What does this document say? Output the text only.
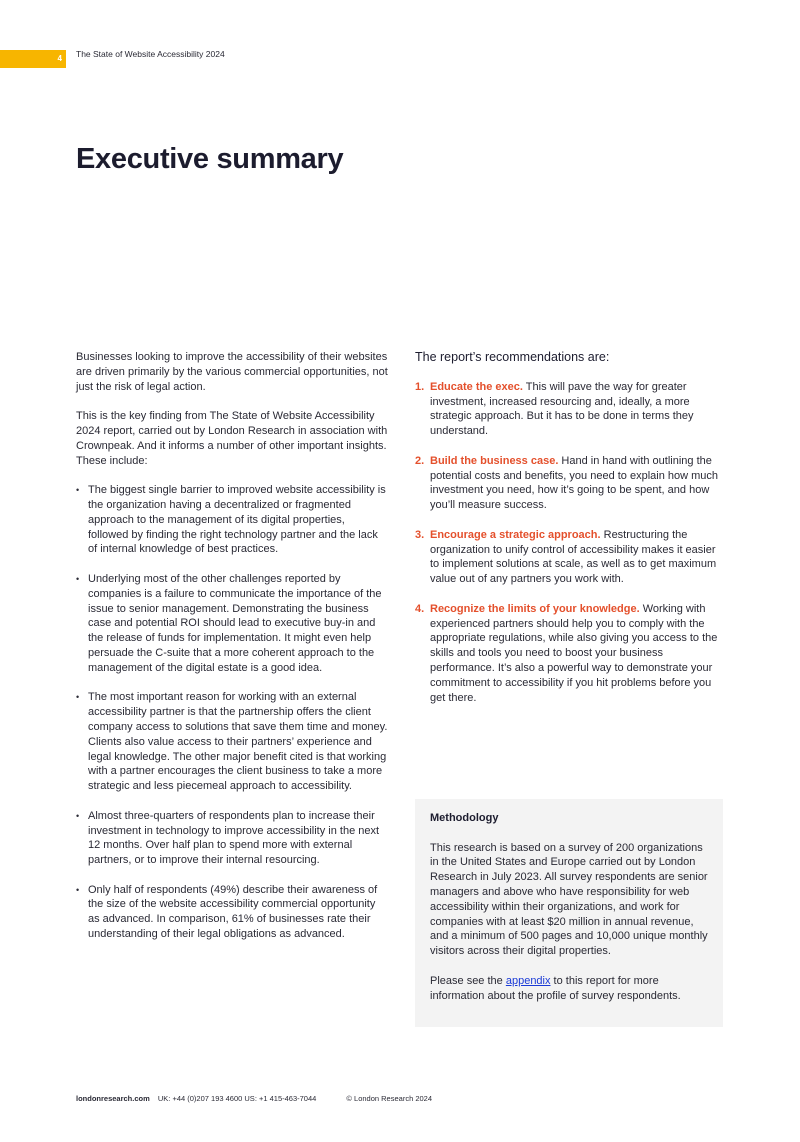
4	The State of Website Accessibility 2024
Executive summary

Businesses looking to improve the accessibility of their websites are driven primarily by the various commercial opportunities, not just the risk of legal action.

This is the key finding from The State of Website Accessibility 2024 report, carried out by London Research in association with Crownpeak. And it informs a number of other important insights. These include:

• The biggest single barrier to improved website accessibility is the organization having a decentralized or fragmented approach to the management of its digital properties, followed by finding the right technology partner and the lack of internal knowledge of best practices.
• Underlying most of the other challenges reported by companies is a failure to communicate the importance of the issue to senior management. Demonstrating the business case and potential ROI should lead to executive buy-in and the release of funds for implementation. It might even help persuade the C-suite that a more coherent approach to the management of the digital estate is a good idea.
• The most important reason for working with an external accessibility partner is that the partnership offers the client company access to solutions that save them time and money. Clients also value access to their partners’ experience and legal knowledge. The other major benefit cited is that working with a partner encourages the client business to take a more strategic and less piecemeal approach to accessibility.
• Almost three-quarters of respondents plan to increase their investment in technology to improve accessibility in the next 12 months. Over half plan to spend more with external partners, or to improve their internal resourcing.
• Only half of respondents (49%) describe their awareness of the size of the website accessibility commercial opportunity as advanced. In comparison, 61% of businesses rate their understanding of their legal obligations as advanced.
The report’s recommendations are:
1. Educate the exec. This will pave the way for greater investment, increased resourcing and, ideally, a more strategic approach. But it has to be done in terms they understand.
2. Build the business case. Hand in hand with outlining the potential costs and benefits, you need to explain how much investment you need, how it’s going to be spent, and how you’ll measure success.
3. Encourage a strategic approach. Restructuring the organization to unify control of accessibility makes it easier to implement solutions at scale, as well as to get maximum value out of any partners you work with.
4. Recognize the limits of your knowledge. Working with experienced partners should help you to comply with the appropriate regulations, while also giving you access to the skills and tools you need to boost your business performance. It’s also a powerful way to demonstrate your commitment to accessibility if you hit problems before you get there.
Methodology

This research is based on a survey of 200 organizations in the United States and Europe carried out by London Research in July 2023. All survey respondents are senior managers and above who have responsibility for web accessibility within their organizations, and work for companies with at least $20 million in annual revenue, and a minimum of 500 pages and 10,000 unique monthly visitors across their digital properties.

Please see the appendix to this report for more information about the profile of survey respondents.

londonresearch.com UK: +44 (0)207 193 4600 US: +1 415-463-7044	© London Research 2024
